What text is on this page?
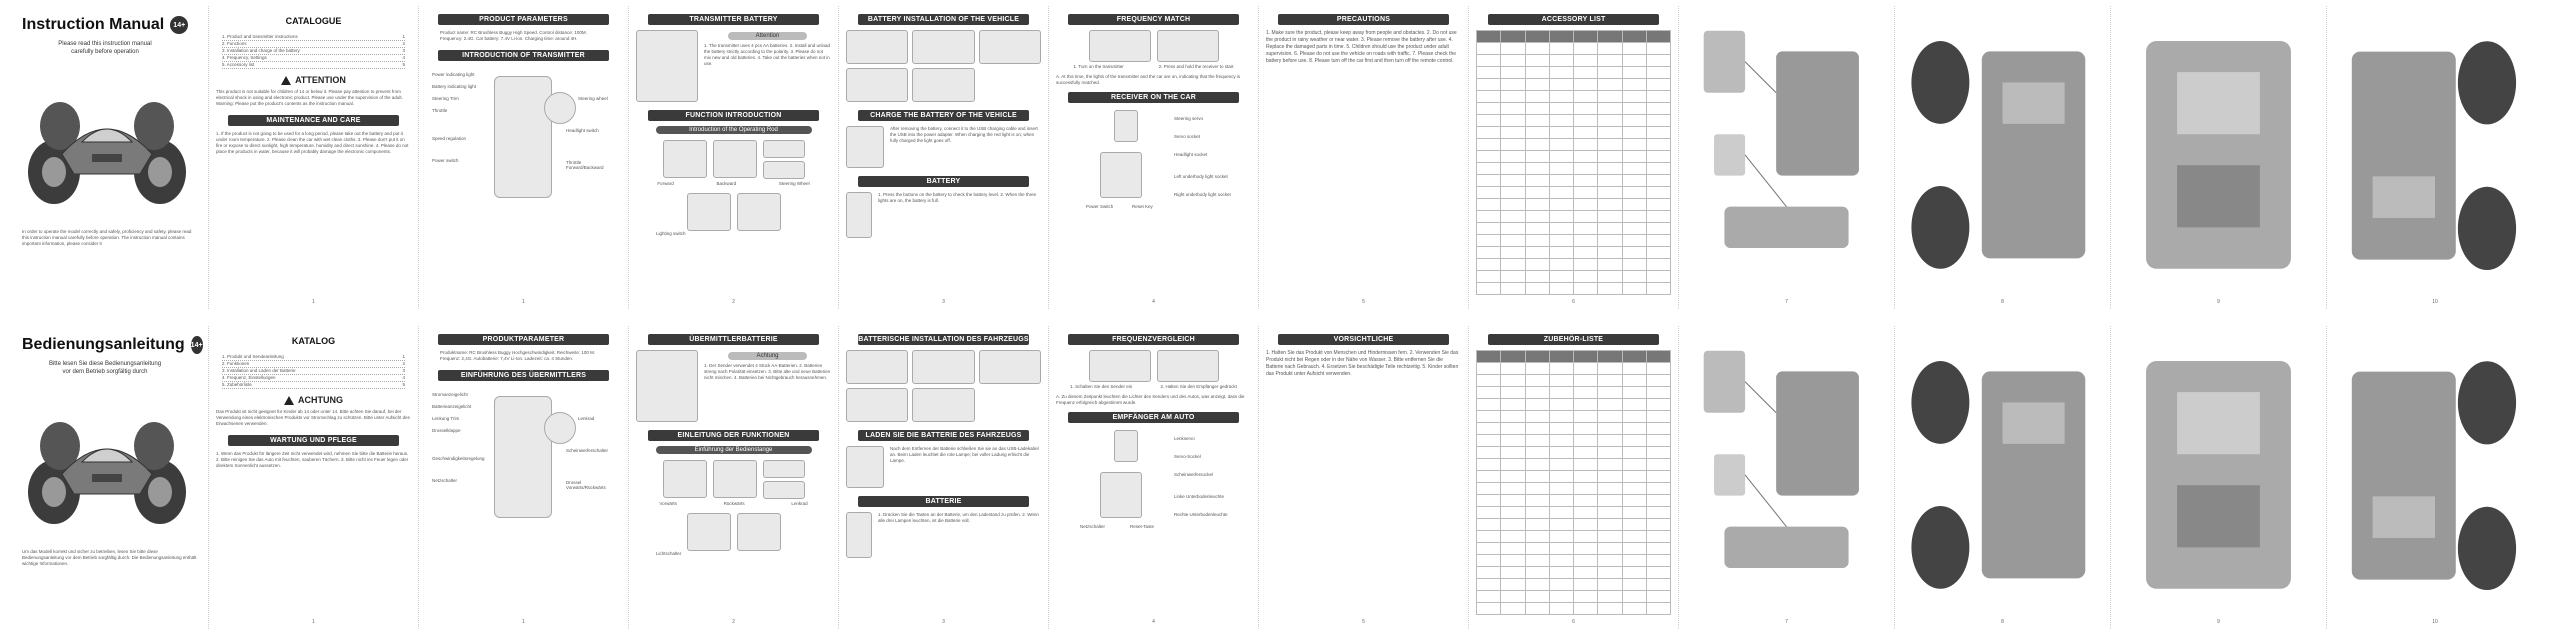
Instruction Manual	14+
Please read this instruction manual
carefully before operation
In order to operate the model correctly and safely, proficiency and safety, please read this instruction manual carefully before operation. The instruction manual contains important information, please consider it
CATALOGUE
1. Product and transmitter instructions	1
2. Functions	2
3. Installation and charge of the battery	3
4. Frequency, Settings	4
5. Accessory list	5
ATTENTION
This product is not suitable for children of 14 or below it. Please pay attention to prevent from electrical shock in using and electronic product. Please use under the supervision of the adult. Warning: Please put the product's contents as the instruction manual.
MAINTENANCE AND CARE
1. If the product is not going to be used for a long period, please take out the battery and put it under room temperature. 2. Please clean the car with wet clean cloths. 3. Please don't put it on fire or expose to direct sunlight, high temperature, humidity and direct sunshine. 4. Please do not place the products in water, because it will probably damage the electronic components.
1
PRODUCT PARAMETERS
Product name: RC Brushless Buggy High Speed. Control distance: 100M. Frequency: 2.4G. Car battery: 7.4V Li-ion. Charging time: around 4H.
INTRODUCTION OF TRANSMITTER
Power indicating light
Battery indicating light
Steering Trim
Throttle
Power switch
Speed regulation
Steering wheel
Headlight switch
Throttle Forward/Backward
1
TRANSMITTER BATTERY
Attention
1. The transmitter uses 4 pcs AA batteries. 2. Install and unload the battery strictly according to the polarity. 3. Please do not mix new and old batteries. 4. Take out the batteries when not in use.
FUNCTION INTRODUCTION
Introduction of the Operating Rod
Forward	Backward	Steering Wheel
Lighting switch
2
BATTERY INSTALLATION OF THE VEHICLE
CHARGE THE BATTERY OF THE VEHICLE
After removing the battery, connect it to the USB charging cable and insert the USB into the power adapter. When charging the red light is on; when fully charged the light goes off.
BATTERY
1. Press the buttons on the battery to check the battery level. 2. When the three lights are on, the battery is full.
3
FREQUENCY MATCH
1. Turn on the transmitter	2. Press and hold the receiver to start
A. At this time, the lights of the transmitter and the car are on, indicating that the frequency is successfully matched.
RECEIVER ON THE CAR
Steering servo
Servo socket
Headlight socket
Left underbody light socket
Right underbody light socket
Power Switch	Reset Key
4
PRECAUTIONS
1. Make sure the product, please keep away from people and obstacles. 2. Do not use the product in rainy weather or near water. 3. Please remove the battery after use. 4. Replace the damaged parts in time. 5. Children should use the product under adult supervision. 6. Please do not use the vehicle on roads with traffic. 7. Please check the battery before use. 8. Please turn off the car first and then turn off the remote control.
5
ACCESSORY LIST

6	7	8	9	10
Bedienungsanleitung 14+
Bitte lesen Sie diese Bedienungsanleitung
vor dem Betrieb sorgfältig durch
Um das Modell korrekt und sicher zu betreiben, lesen Sie bitte diese Bedienungsanleitung vor dem Betrieb sorgfältig durch. Die Bedienungsanleitung enthält wichtige Informationen.
KATALOG
1. Produkt und Sendeanleitung	1
2. Funktionen	2
3. Installation und Laden der Batterie	3
4. Frequenz, Einstellungen	4
5. Zubehörliste	5
ACHTUNG
Das Produkt ist nicht geeignet für Kinder ab 14 oder unter 14. Bitte achten Sie darauf, bei der Verwendung eines elektronischen Produkts vor Stromschlag zu schützen. Bitte unter Aufsicht des Erwachsenen verwenden.
WARTUNG UND PFLEGE
1. Wenn das Produkt für längere Zeit nicht verwendet wird, nehmen Sie bitte die Batterie heraus. 2. Bitte reinigen Sie das Auto mit feuchten, sauberen Tüchern. 3. Bitte nicht ins Feuer legen oder direktem Sonnenlicht aussetzen.
1
PRODUKTPARAMETER
Produktname: RC Brushless Buggy Hochgeschwindigkeit. Reichweite: 100 M. Frequenz: 2,4G. Autobatterie: 7,4V Li-Ion. Ladezeit: ca. 4 Stunden.
EINFÜHRUNG DES ÜBERMITTLERS
Stromanzeigelicht
Batterieanzeigelicht
Lenkung Trim
Drosselklappe
Netzschalter
Geschwindigkeitsregelung
Lenkrad
Scheinwerferschalter
Drossel Vorwärts/Rückwärts
1
ÜBERMITTLERBATTERIE
Achtung
1. Der Sender verwendet 4 Stück AA-Batterien. 2. Batterien streng nach Polarität einsetzen. 3. Bitte alte und neue Batterien nicht mischen. 4. Batterien bei Nichtgebrauch herausnehmen.
EINLEITUNG DER FUNKTIONEN
Einführung der Bedienstange
Vorwärts	Rückwärts	Lenkrad
Lichtschalter
2
BATTERISCHE INSTALLATION DES FAHRZEUGS
LADEN SIE DIE BATTERIE DES FAHRZEUGS
Nach dem Entfernen der Batterie schließen Sie sie an das USB-Ladekabel an. Beim Laden leuchtet die rote Lampe; bei voller Ladung erlischt die Lampe.
BATTERIE
1. Drücken Sie die Tasten an der Batterie, um den Ladestand zu prüfen. 2. Wenn alle drei Lampen leuchten, ist die Batterie voll.
3
FREQUENZVERGLEICH
1. Schalten Sie den Sender ein	2. Halten Sie den Empfänger gedrückt
A. Zu diesem Zeitpunkt leuchten die Lichter des Senders und des Autos, was anzeigt, dass die Frequenz erfolgreich abgestimmt wurde.
EMPFÄNGER AM AUTO
Lenkservo
Servo-Sockel
Scheinwerfersockel
Linke Unterbodenleuchte
Rechte Unterbodenleuchte
Netzschalter	Reset-Taste
4
VORSICHTLICHE
1. Halten Sie das Produkt von Menschen und Hindernissen fern. 2. Verwenden Sie das Produkt nicht bei Regen oder in der Nähe von Wasser. 3. Bitte entfernen Sie die Batterie nach Gebrauch. 4. Ersetzen Sie beschädigte Teile rechtzeitig. 5. Kinder sollten das Produkt unter Aufsicht verwenden.
5
ZUBEHÖR-LISTE

6	7	8	9	10
